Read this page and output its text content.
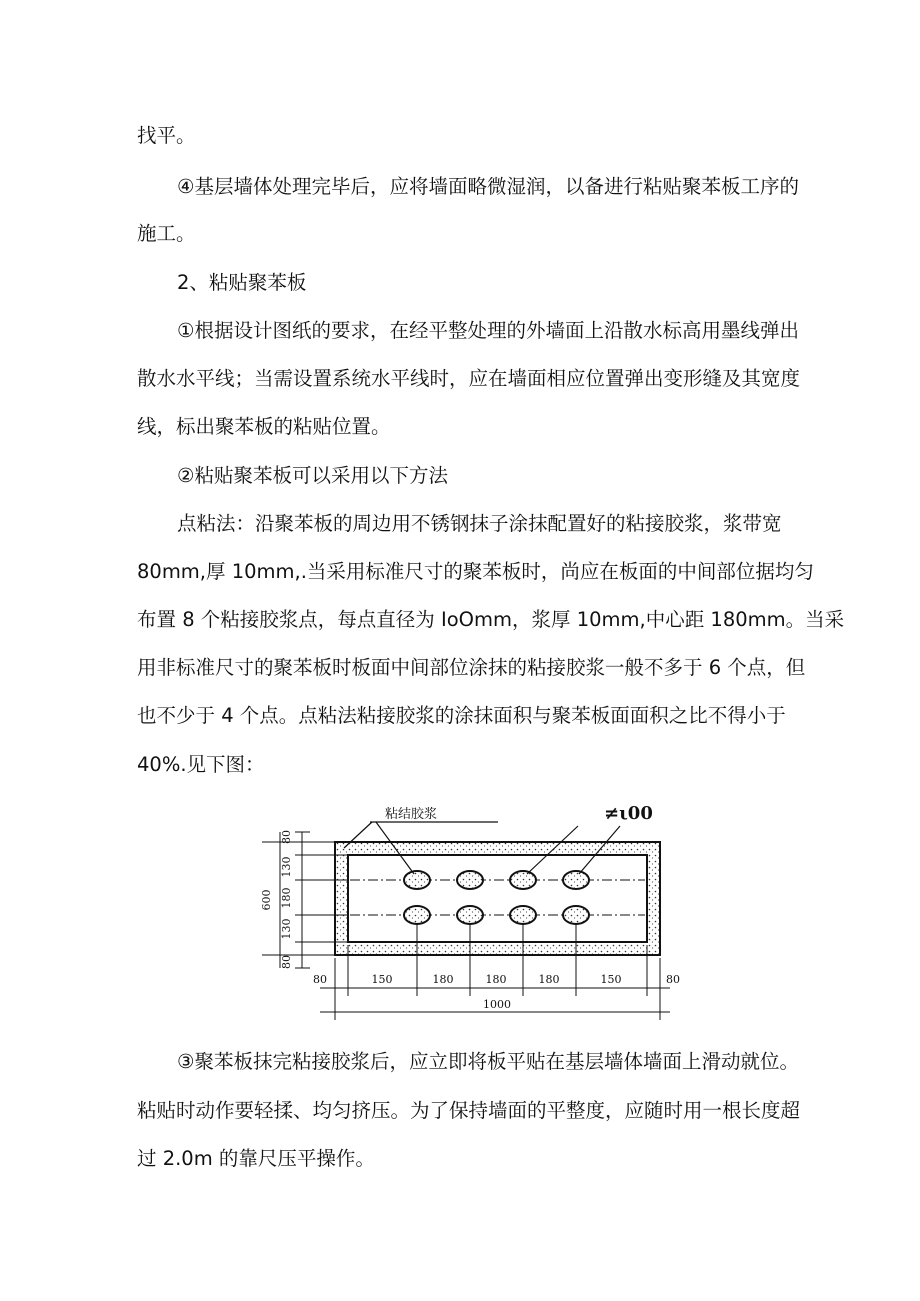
找平。
④基层墙体处理完毕后，应将墙面略微湿润，以备进行粘贴聚苯板工序的
施工。
2、粘贴聚苯板
①根据设计图纸的要求，在经平整处理的外墙面上沿散水标高用墨线弹出
散水水平线；当需设置系统水平线时，应在墙面相应位置弹出变形缝及其宽度
线，标出聚苯板的粘贴位置。
②粘贴聚苯板可以采用以下方法
点粘法：沿聚苯板的周边用不锈钢抹子涂抹配置好的粘接胶浆，浆带宽
80mm,厚 10mm,.当采用标准尺寸的聚苯板时，尚应在板面的中间部位据均匀
布置 8 个粘接胶浆点，每点直径为 IoOmm，浆厚 10mm,中心距 180mm。当采
用非标准尺寸的聚苯板时板面中间部位涂抹的粘接胶浆一般不多于 6 个点，但
也不少于 4 个点。点粘法粘接胶浆的涂抹面积与聚苯板面面积之比不得小于
40%.见下图：
粘结胶浆	≠ι00
80
130
180
130
80
600
80	150	180	180	180	150	80
1000
③聚苯板抹完粘接胶浆后，应立即将板平贴在基层墙体墙面上滑动就位。
粘贴时动作要轻揉、均匀挤压。为了保持墙面的平整度，应随时用一根长度超
过 2.0m 的靠尺压平操作。
